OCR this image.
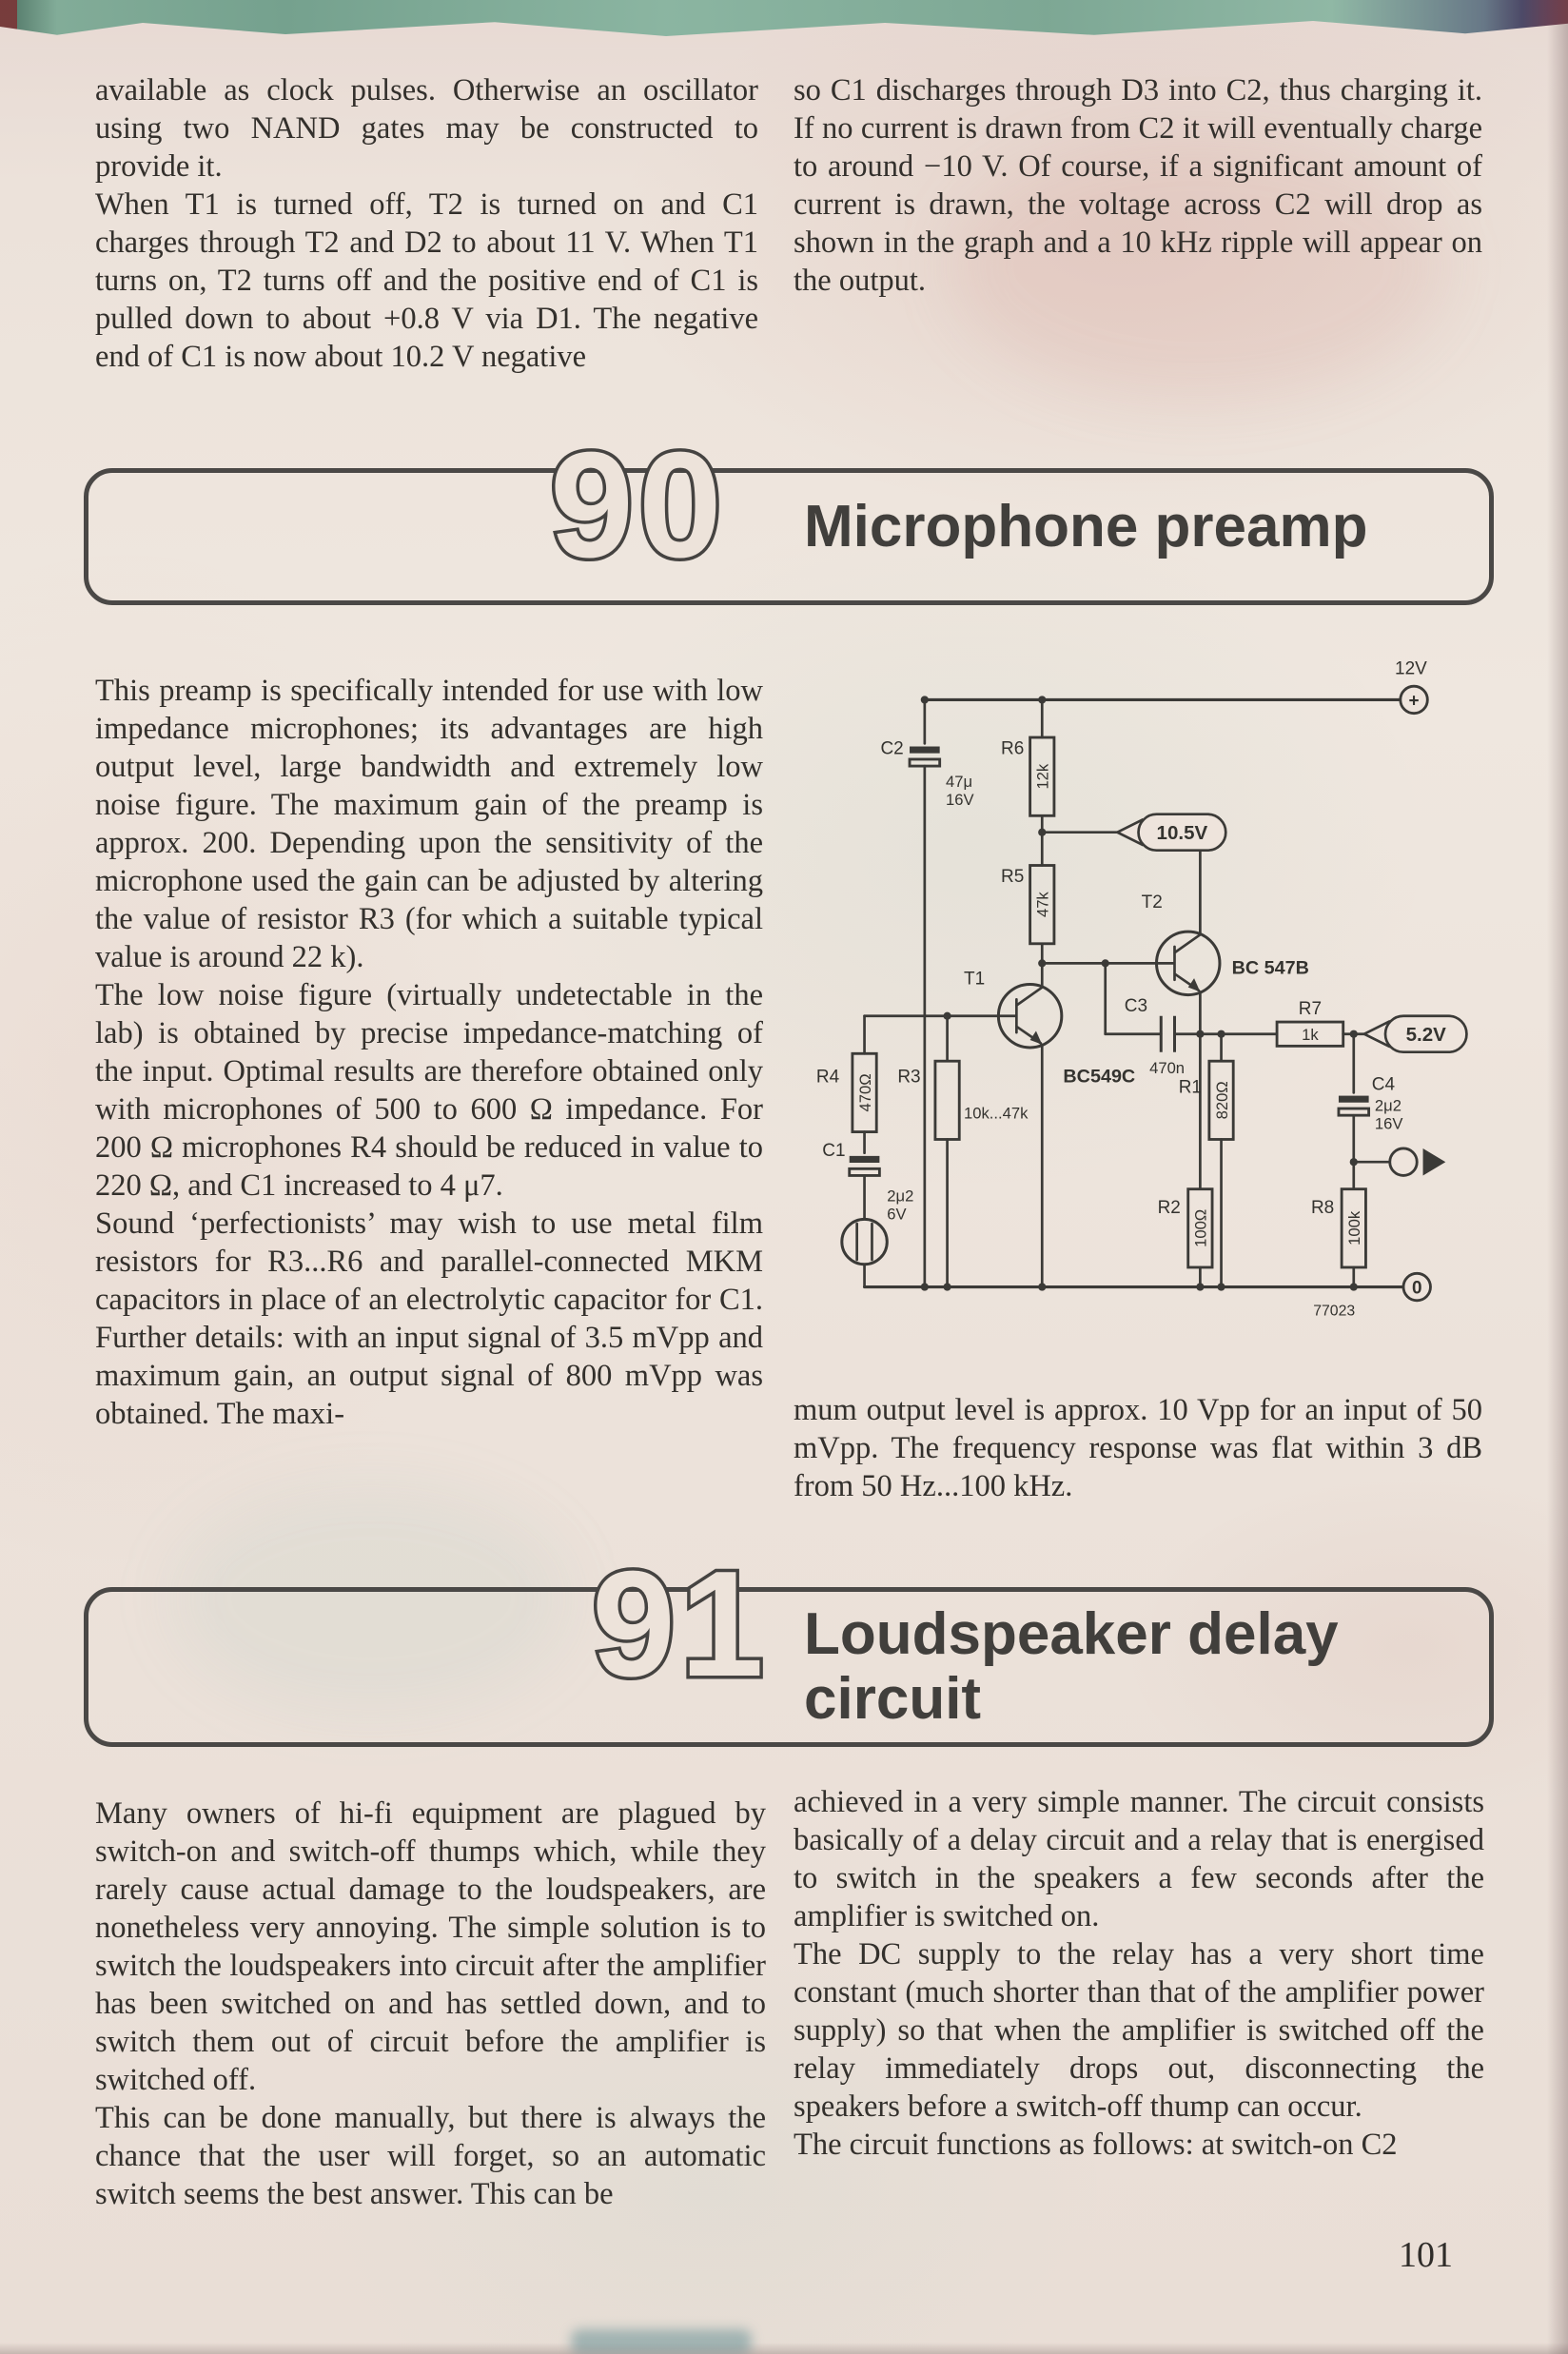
available as clock pulses. Otherwise an oscillator using two NAND gates may be constructed to provide it.

When T1 is turned off, T2 is turned on and C1 charges through T2 and D2 to about 11 V. When T1 turns on, T2 turns off and the positive end of C1 is pulled down to about +0.8 V via D1. The negative end of C1 is now about 10.2 V negative

so C1 discharges through D3 into C2, thus charging it. If no current is drawn from C2 it will eventually charge to around −10 V. Of course, if a significant amount of current is drawn, the voltage across C2 will drop as shown in the graph and a 10 kHz ripple will appear on the output.

90 Microphone preamp

This preamp is specifically intended for use with low impedance microphones; its advantages are high output level, large bandwidth and extremely low noise figure. The maximum gain of the preamp is approx. 200. Depending upon the sensitivity of the microphone used the gain can be adjusted by altering the value of resistor R3 (for which a suitable typical value is around 22 k).

The low noise figure (virtually undetectable in the lab) is obtained by precise impedance-matching of the input. Optimal results are therefore obtained only with microphones of 500 to 600 Ω impedance. For 200 Ω microphones R4 should be reduced in value to 220 Ω, and C1 increased to 4 μ7.

Sound ‘perfectionists’ may wish to use metal film resistors for R3...R6 and parallel-connected MKM capacitors in place of an electrolytic capacitor for C1. Further details: with an input signal of 3.5 mVpp and maximum gain, an output signal of 800 mVpp was obtained. The maxi-

+
12V
C2
47μ
16V
R6
12k
R5
47k
10.5V
T1
BC549C
T2
BC 547B
C3
470n
R1 820Ω
R7
1k	5.2V
C4
2μ2
16V
R2
100Ω
R8
100k
R4 470Ω R3
10k...47k
C1
2μ2
6V
0
77023

mum output level is approx. 10 Vpp for an input of 50 mVpp. The frequency response was flat within 3 dB from 50 Hz...100 kHz.

91 Loudspeaker delay circuit

Many owners of hi-fi equipment are plagued by switch-on and switch-off thumps which, while they rarely cause actual damage to the loudspeakers, are nonetheless very annoying. The simple solution is to switch the loudspeakers into circuit after the amplifier has been switched on and has settled down, and to switch them out of circuit before the amplifier is switched off.

This can be done manually, but there is always the chance that the user will forget, so an automatic switch seems the best answer. This can be

achieved in a very simple manner. The circuit consists basically of a delay circuit and a relay that is energised to switch in the speakers a few seconds after the amplifier is switched on.

The DC supply to the relay has a very short time constant (much shorter than that of the amplifier power supply) so that when the amplifier is switched off the relay immediately drops out, disconnecting the speakers before a switch-off thump can occur.

The circuit functions as follows: at switch-on C2

101
